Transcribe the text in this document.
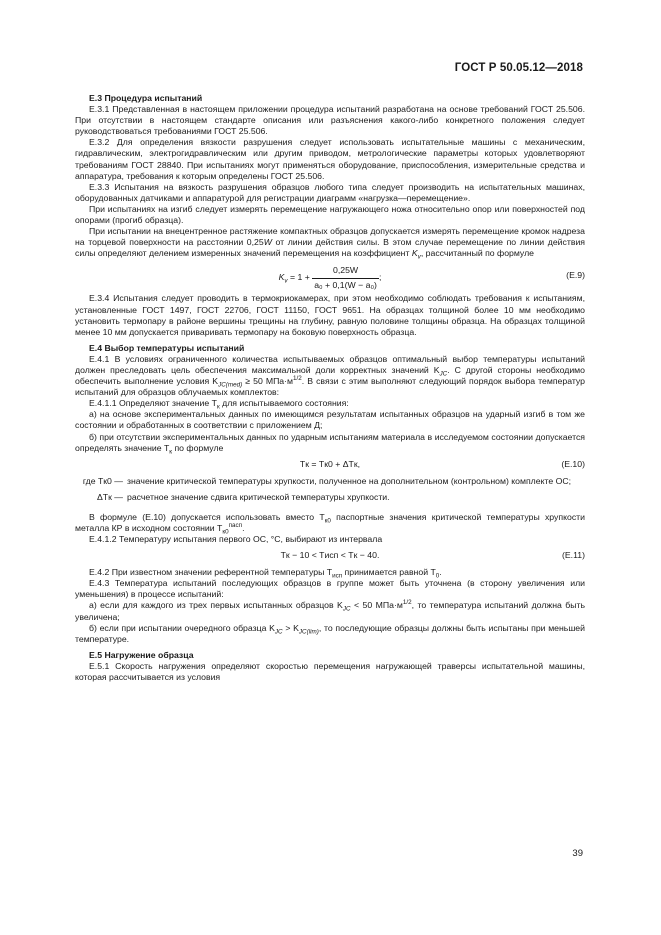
ГОСТ Р 50.05.12—2018

Е.3 Процедура испытаний

Е.3.1 Представленная в настоящем приложении процедура испытаний разработана на основе требований ГОСТ 25.506. При отсутствии в настоящем стандарте описания или разъяснения какого-либо конкретного положения следует руководствоваться требованиями ГОСТ 25.506.

Е.3.2 Для определения вязкости разрушения следует использовать испытательные машины с механическим, гидравлическим, электрогидравлическим или другим приводом, метрологические параметры которых удовлетворяют требованиям ГОСТ 28840. При испытаниях могут применяться оборудование, приспособления, измерительные средства и аппаратура, требования к которым определены ГОСТ 25.506.

Е.3.3 Испытания на вязкость разрушения образцов любого типа следует производить на испытательных машинах, оборудованных датчиками и аппаратурой для регистрации диаграмм «нагрузка—перемещение».

При испытаниях на изгиб следует измерять перемещение нагружающего ножа относительно опор или поверхностей под опорами (прогиб образца).

При испытании на внецентренное растяжение компактных образцов допускается измерять перемещение кромок надреза на торцевой поверхности на расстоянии 0,25W от линии действия силы. В этом случае перемещение по линии действия силы определяют делением измеренных значений перемещения на коэффициент $K_v$, рассчитанный по формуле

$K_v = 1 + \frac{0,25W}{\text{a₀ + 0,1(W − a₀)}}$ ;	(Е.9)

Е.3.4 Испытания следует проводить в термокриокамерах, при этом необходимо соблюдать требования к испытаниям, установленные ГОСТ 1497, ГОСТ 22706, ГОСТ 11150, ГОСТ 9651. На образцах толщиной более 10 мм необходимо установить термопару в районе вершины трещины на глубину, равную половине толщины образца. На образцах толщиной менее 10 мм допускается приваривать термопару на боковую поверхность образца.

Е.4 Выбор температуры испытаний

Е.4.1 В условиях ограниченного количества испытываемых образцов оптимальный выбор температуры испытаний должен преследовать цель обеспечения максимальной доли корректных значений $K_{JC}$. С другой стороны необходимо обеспечить выполнение условия $K_{JC(med)} \ge 50$ $МПа\cdot м^{1/2}$. В связи с этим выполняют следующий порядок выбора температур испытаний для образцов облучаемых комплектов:

Е.4.1.1 Определяют значение $T_к$ для испытываемого состояния:

а) на основе экспериментальных данных по имеющимся результатам испытанных образцов на ударный изгиб в том же состоянии и обработанных в соответствии с приложением Д;

б) при отсутствии экспериментальных данных по ударным испытаниям материала в исследуемом состоянии допускается определять значение $T_к$ по формуле

Tк = Tк0 + ΔTк,	(Е.10)
где Tк0 — значение критической температуры хрупкости, полученное на дополнительном (контрольном) комплекте ОС;
ΔTк — расчетное значение сдвига критической температуры хрупкости.

В формуле (Е.10) допускается использовать вместо $T_{к0}$ паспортные значения критической температуры хрупкости металла КР в исходном состоянии $T_{к0}^{пасп}$.

Е.4.1.2 Температуру испытания первого ОС, °С, выбирают из интервала

Tк − 10 < Tисп < Tк − 40.	(Е.11)

Е.4.2 При известном значении референтной температуры $T_{исп}$ принимается равной $T_0$.

Е.4.3 Температура испытаний последующих образцов в группе может быть уточнена (в сторону увеличения или уменьшения) в процессе испытаний:

а) если для каждого из трех первых испытанных образцов $K_{JC} < 50$ $МПа\cdot м^{1/2}$, то температура испытаний должна быть увеличена;

б) если при испытании очередного образца $K_{JC} > K_{JC(lim)}$, то последующие образцы должны быть испытаны при меньшей температуре.

Е.5 Нагружение образца

Е.5.1 Скорость нагружения определяют скоростью перемещения нагружающей траверсы испытательной машины, которая рассчитывается из условия

39
